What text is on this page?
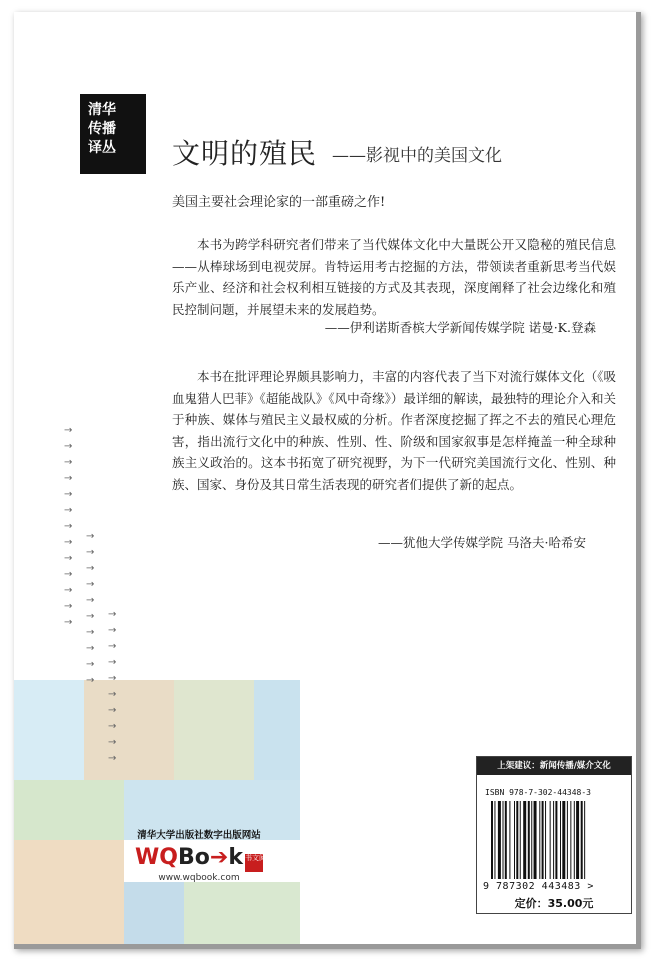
清华
传播
译丛	文明的殖民 ——影视中的美国文化
美国主要社会理论家的一部重磅之作!
本书为跨学科研究者们带来了当代媒体文化中大量既公开又隐秘的殖民信息——从棒球场到电视荧屏。肯特运用考古挖掘的方法，带领读者重新思考当代娱乐产业、经济和社会权利相互链接的方式及其表现，深度阐释了社会边缘化和殖民控制问题，并展望未来的发展趋势。
——伊利诺斯香槟大学新闻传媒学院 诺曼·K.登森
本书在批评理论界颇具影响力，丰富的内容代表了当下对流行媒体文化（《吸血鬼猎人巴菲》《超能战队》《风中奇缘》）最详细的解读，最独特的理论介入和关于种族、媒体与殖民主义最权威的分析。作者深度挖掘了挥之不去的殖民心理危害，指出流行文化中的种族、性别、性、阶级和国家叙事是怎样掩盖一种全球种族主义政治的。这本书拓宽了研究视野，为下一代研究美国流行文化、性别、种族、国家、身份及其日常生活表现的研究者们提供了新的起点。
——犹他大学传媒学院 马洛夫·哈希安
→
→
→
→
→
→
→
→
→
→
→
→
→
→
→
→
→
→
→
→
→
→
→
→
→
→
→
→
→
→
→
→
→
清华大学出版社数字出版网站
WQBo➔k 书文阅艺
www.wqbook.com
上架建议：新闻传播/媒介文化
ISBN 978-7-302-44348-3
9 787302 443483 >
定价：35.00元
